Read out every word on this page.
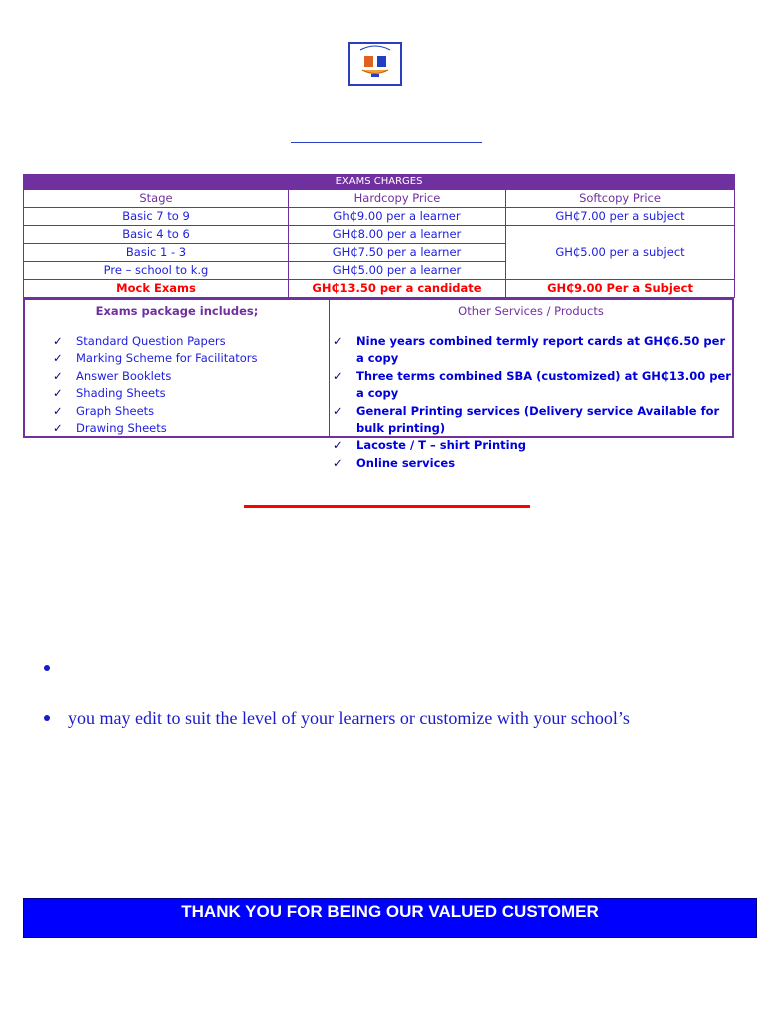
EXAMS CHARGES		
Stage	Hardcopy Price	Softcopy Price
Basic 7 to 9	Gh₵9.00 per a learner	GH₵7.00 per a subject
Basic 4 to 6	GH₵8.00 per a learner	GH₵5.00 per a subject
Basic 1 - 3	GH₵7.50 per a learner	
Pre – school to k.g	GH₵5.00 per a learner	
Mock Exams	GH₵13.50 per a candidate	GH₵9.00 Per a Subject
Exams package includes;	Other Services / Products
✓ Standard Question Papers
✓ Marking Scheme for Facilitators
✓ Answer Booklets
✓ Shading Sheets
✓ Graph Sheets
✓ Drawing Sheets
✓ Nine years combined termly report cards at GH₵6.50 per a copy
✓ Three terms combined SBA (customized) at GH₵13.00 per a copy
✓ General Printing services (Delivery service Available for bulk printing)
✓ Lacoste / T – shirt Printing
✓ Online services
you may edit to suit the level of your learners or customize with your school’s
THANK YOU FOR BEING OUR VALUED CUSTOMER
